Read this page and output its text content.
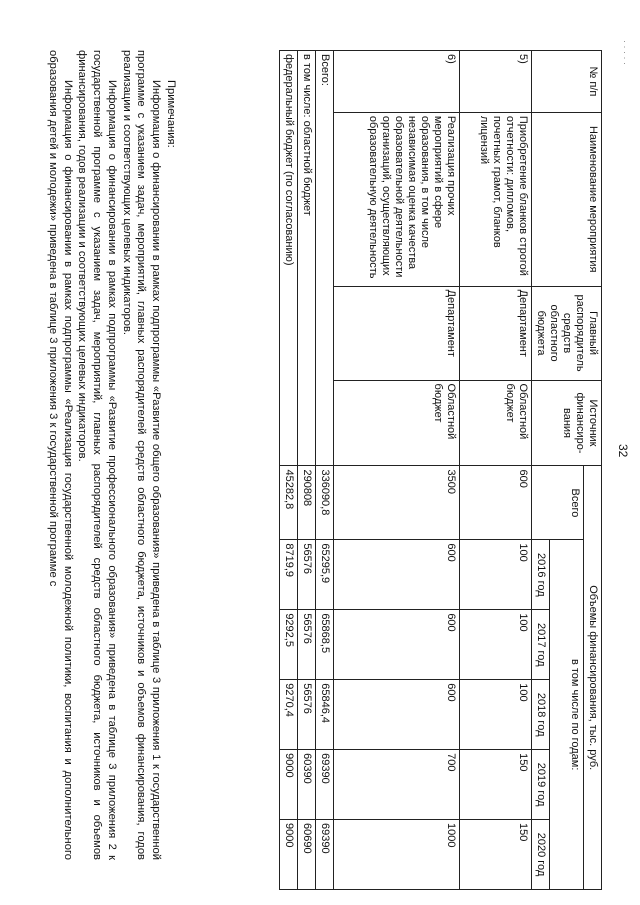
· · · · ·
32
№ п/п	Наименование мероприятия	Главный распорядитель средств областного бюджета	Источник финансиро-вания	Объемы финансирования, тыс. руб.					
				Всего	в том числе по годам:				
					2016 год	2017 год	2018 год	2019 год	2020 год
5)	Приобретение бланков строгой отчетности: дипломов, почетных грамот, бланков лицензий	Департамент	Областной бюджет	600	100	100	100	150	150
6)	Реализация прочих мероприятий в сфере образования, в том числе независимая оценка качества образовательной деятельности организаций, осуществляющих образовательную деятельность	Департамент	Областной бюджет	3500	600	600	600	700	1000
Всего:				336090,8	65295,9	65868,5	65846,4	69390	69390
в том числе: областной бюджет				290808	56576	56576	56576	60390	60690
федеральный бюджет (по согласованию)				45282,8	8719,9	9292,5	9270,4	9000	9000

Примечания:

Информация о финансировании в рамках подпрограммы «Развитие общего образования» приведена в таблице 3 приложения 1 к государственной программе с указанием задач, мероприятий, главных распорядителей средств областного бюджета, источников и объемов финансирования, годов реализации и соответствующих целевых индикаторов.

Информация о финансировании в рамках подпрограммы «Развитие профессионального образования» приведена в таблице 3 приложения 2 к государственной программе с указанием задач, мероприятий, главных распорядителей средств областного бюджета, источников и объемов финансирования, годов реализации и соответствующих целевых индикаторов.

Информация о финансировании в рамках подпрограммы «Реализация государственной молодежной политики, воспитания и дополнительного образования детей и молодежи» приведена в таблице 3 приложения 3 к государственной программе с
